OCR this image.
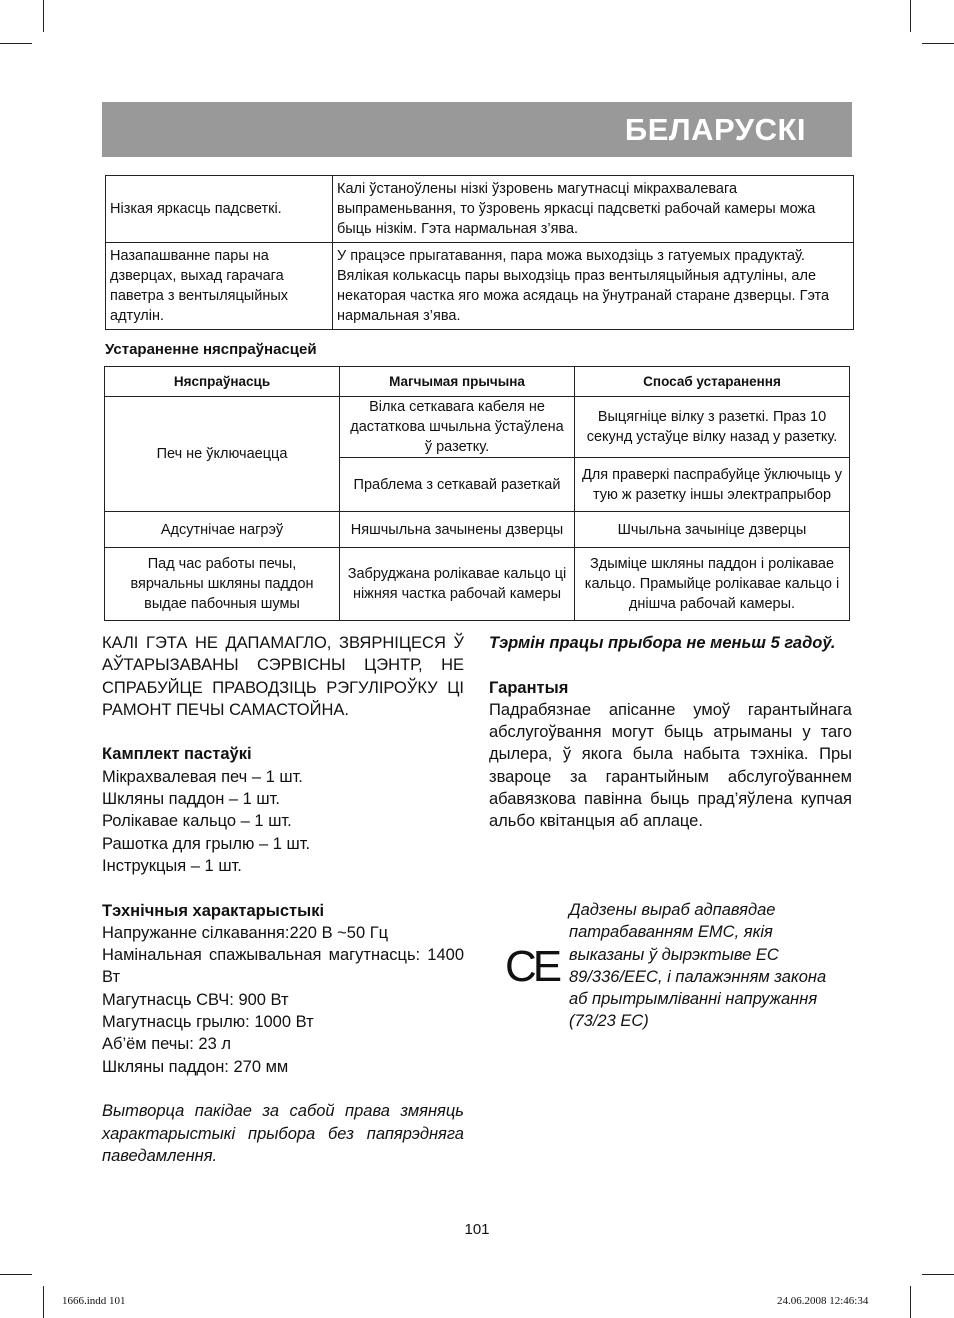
БЕЛАРУСКІ
Нізкая яркасць падсветкі.	Калі ўстаноўлены нізкі ўзровень магутнасці мікрахвалевага выпраменьвання, то ўзровень яркасці падсветкі рабочай камеры можа быць нізкім. Гэта нармальная з’ява.
Назапашванне пары на дзверцах, выхад гарачага паветра з вентыляцыйных адтулін.	У працэсе прыгатавання, пара можа выходзіць з гатуемых прадуктаў. Вялікая колькасць пары выходзіць праз вентыляцыйныя адтуліны, але некаторая частка яго можа асядаць на ўнутранай старане дзверцы. Гэта нармальная з’ява.
Устараненне няспраўнасцей
Няспраўнасць	Магчымая прычына	Спосаб устаранення
Печ не ўключаецца	Вілка сеткавага кабеля не дастаткова шчыльна ўстаўлена ў разетку.	Выцягніце вілку з разеткі. Праз 10 секунд устаўце вілку назад у разетку.
	Праблема з сеткавай разеткай	Для праверкі паспрабуйце ўключыць у тую ж разетку іншы электрапрыбор
Адсутнічае нагрэў	Няшчыльна зачынены дзверцы	Шчыльна зачыніце дзверцы
Пад час работы печы, вярчальны шкляны паддон выдае пабочныя шумы	Забруджана ролікавае кальцо ці ніжняя частка рабочай камеры	Здыміце шкляны паддон і ролікавае кальцо. Прамыйце ролікавае кальцо і днішча рабочай камеры.

КАЛІ ГЭТА НЕ ДАПАМАГЛО, ЗВЯРНІЦЕСЯ Ў АЎТАРЫЗАВАНЫ СЭРВІСНЫ ЦЭНТР, НЕ СПРАБУЙЦЕ ПРАВОДЗІЦЬ РЭГУЛІРОЎКУ ЦІ РАМОНТ ПЕЧЫ САМАСТОЙНА.

Камплект пастаўкі

Мікрахвалевая печ – 1 шт.

Шкляны паддон – 1 шт.

Ролікавае кальцо – 1 шт.

Рашотка для грылю – 1 шт.

Інструкцыя – 1 шт.

Тэхнічныя характарыстыкі

Напружанне сілкавання:220 В ~50 Гц

Намінальная спажывальная магутнасць: 1400 Вт

Магутнасць СВЧ: 900 Вт

Магутнасць грылю: 1000 Вт

Аб’ём печы: 23 л

Шкляны паддон: 270 мм

Вытворца пакідае за сабой права змяняць характарыстыкі прыбора без папярэдняга паведамлення.

Тэрмін працы прыбора не меньш 5 гадоў.

Гарантыя

Падрабязнае апісанне умоў гарантыйнага абслугоўвання могут быць атрыманы у таго дылера, ў якога была набыта тэхніка. Пры звароце за гарантыйным абслугоўваннем абавязкова павінна быць прад’яўлена купчая альбо квітанцыя аб аплаце.

CE
Дадзены выраб адпавядае патрабаванням ЕМС, якія выказаны ў дырэктыве ЕС 89/336/ЕЕС, і палажэнням закона аб прытрымліванні напружання (73/23 ЕС)
101
1666.indd 101	24.06.2008 12:46:34
